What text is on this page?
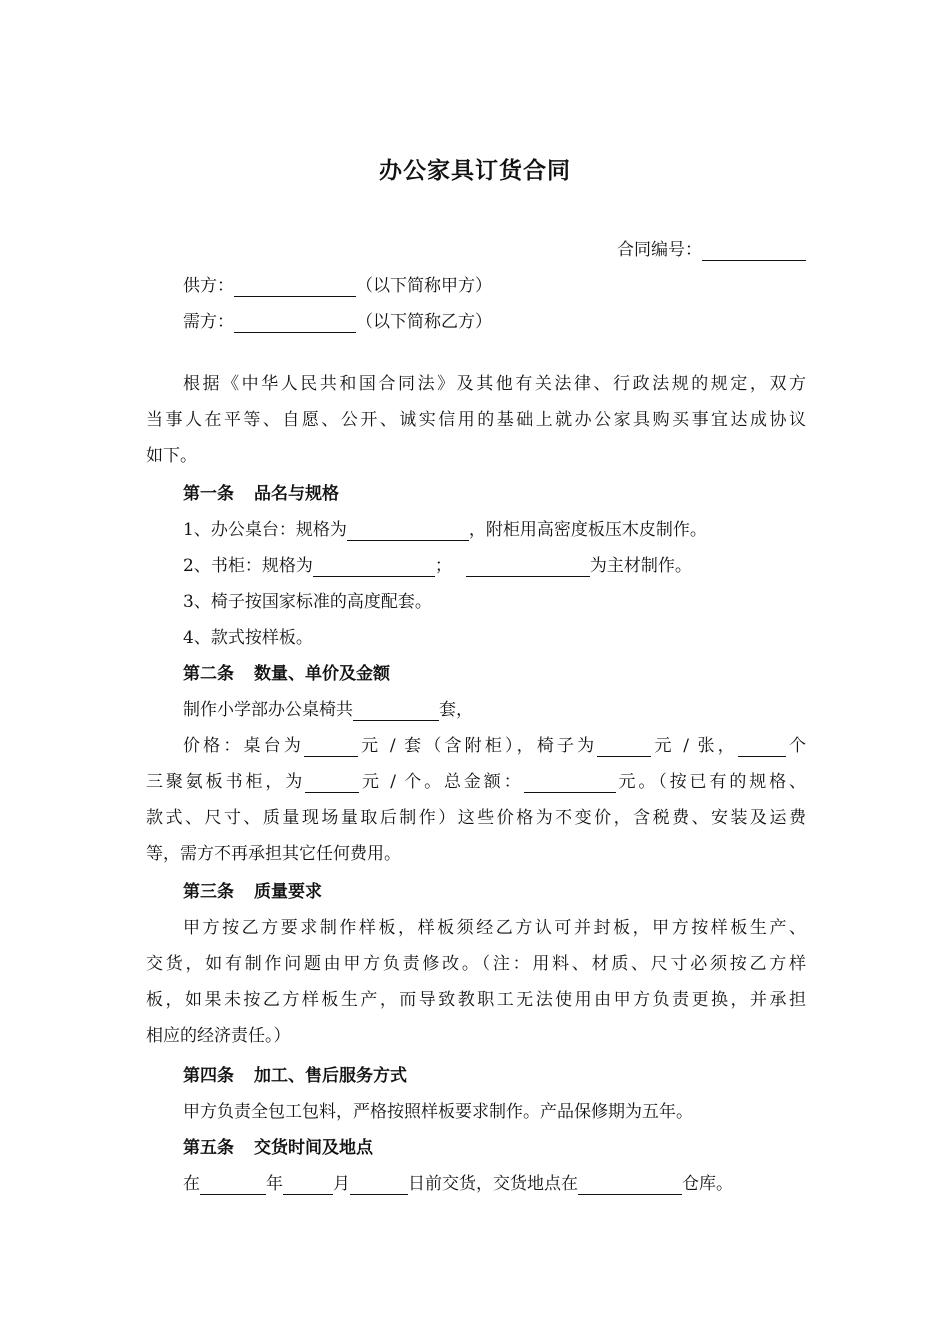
办公家具订货合同
合同编号：
供方：	（以下简称甲方）
需方：	（以下简称乙方）
根据《中华人民共和国合同法》及其他有关法律、行政法规的规定，双方
当事人在平等、自愿、公开、诚实信用的基础上就办公家具购买事宜达成协议
如下。
第一条 品名与规格
1、办公桌台：规格为	，附柜用高密度板压木皮制作。
2、书柜：规格为	；	为主材制作。
3、椅子按国家标准的高度配套。
4、款式按样板。
第二条 数量、单价及金额
制作小学部办公桌椅共	套，
价格：桌台为	元 / 套（含附柜），椅子为	元 / 张，	个
三聚氨板书柜，为	元 / 个。总金额：	元。（按已有的规格、
款式、尺寸、质量现场量取后制作）这些价格为不变价，含税费、安装及运费
等，需方不再承担其它任何费用。
第三条 质量要求
甲方按乙方要求制作样板，样板须经乙方认可并封板，甲方按样板生产、
交货，如有制作问题由甲方负责修改。（注：用料、材质、尺寸必须按乙方样
板，如果未按乙方样板生产，而导致教职工无法使用由甲方负责更换，并承担
相应的经济责任。）
第四条 加工、售后服务方式
甲方负责全包工包料，严格按照样板要求制作。产品保修期为五年。
第五条 交货时间及地点
在	年	月	日前交货，交货地点在	仓库。
